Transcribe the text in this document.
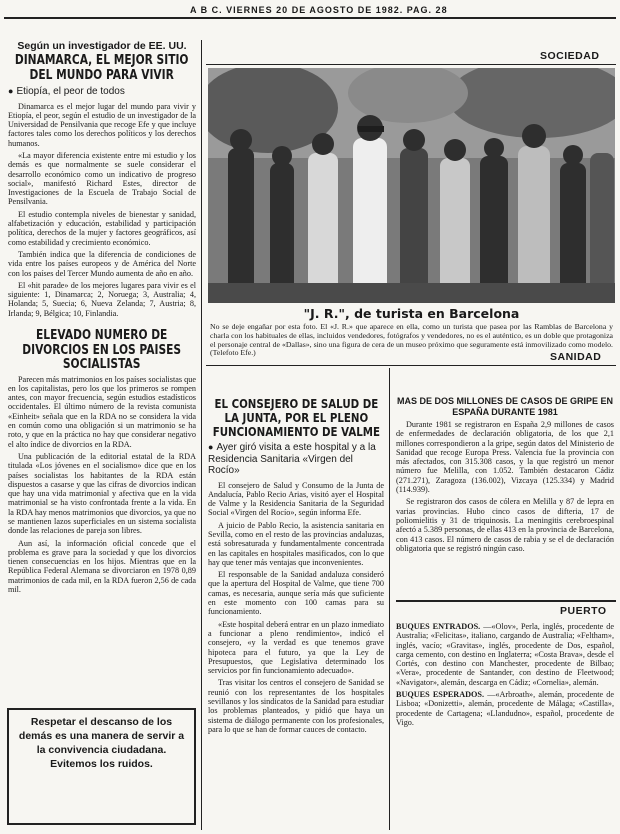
A B C. VIERNES 20 DE AGOSTO DE 1982. PAG. 28

Según un investigador de EE. UU.

DINAMARCA, EL MEJOR SITIO DEL MUNDO PARA VIVIR
● Etiopía, el peor de todos

Dinamarca es el mejor lugar del mundo para vivir y Etiopía, el peor, según el estudio de un investigador de la Universidad de Pensilvania que recoge Efe y que incluye factores tales como los derechos políticos y los derechos humanos.

«La mayor diferencia existente entre mi estudio y los demás es que normalmente se suele considerar el desarrollo económico como un indicativo de progreso social», manifestó Richard Estes, director de Investigaciones de la Escuela de Trabajo Social de Pensilvania.

El estudio contempla niveles de bienestar y sanidad, alfabetización y educación, estabilidad y participación política, derechos de la mujer y factores geográficos, así como estabilidad y crecimiento económico.

También indica que la diferencia de condiciones de vida entre los países europeos y de América del Norte con los países del Tercer Mundo aumenta de año en año.

El «hit parade» de los mejores lugares para vivir es el siguiente: 1, Dinamarca; 2, Noruega; 3, Australia; 4, Holanda; 5, Suecia; 6, Nueva Zelanda; 7, Austria; 8, Irlanda; 9, Bélgica; 10, Finlandia.

ELEVADO NUMERO DE DIVORCIOS EN LOS PAISES SOCIALISTAS

Parecen más matrimonios en los países socialistas que en los capitalistas, pero los que los primeros se rompen antes, con mayor frecuencia, según estudios estadísticos occidentales. El último número de la revista comunista «Einheit» señala que en la RDA no se considera la vida en común como una obligación si un matrimonio se ha roto, y que en la práctica no hay que considerar negativo el alto índice de divorcios en la RDA.

Una publicación de la editorial estatal de la RDA titulada «Los jóvenes en el socialismo» dice que en los países socialistas los habitantes de la RDA están dispuestos a casarse y que las cifras de divorcios indican que hay una vida matrimonial y afectiva que en la vida matrimonial se ha visto confrontada frente a la vida. En la RDA hay menos matrimonios que divorcios, ya que no se mantienen lazos superficiales en un sistema socialista donde las relaciones de pareja son libres.

Aun así, la información oficial concede que el problema es grave para la sociedad y que los divorcios tienen consecuencias en los hijos. Mientras que en la República Federal Alemana se divorciaron en 1978 0,89 matrimonios de cada mil, en la RDA fueron 2,56 de cada mil.

Respetar el descanso de los demás es una manera de servir a la convivencia ciudadana. Evitemos los ruidos.
SOCIEDAD
"J. R.", de turista en Barcelona
No se deje engañar por esta foto. El «J. R.» que aparece en ella, como un turista que pasea por las Ramblas de Barcelona y charla con los habituales de ellas, incluidos vendedores, fotógrafos y vendedores, no es el auténtico, es un doble que protagoniza el personaje central de «Dallas», sino una figura de cera de un museo próximo que seguramente está inmovilizado como modelo. (Telefoto Efe.)
EL CONSEJERO DE SALUD DE LA JUNTA, POR EL PLENO FUNCIONAMIENTO DE VALME
● Ayer giró visita a este hospital y a la Residencia Sanitaria «Virgen del Rocío»

El consejero de Salud y Consumo de la Junta de Andalucía, Pablo Recio Arias, visitó ayer el Hospital de Valme y la Residencia Sanitaria de la Seguridad Social «Virgen del Rocío», según informa Efe.

A juicio de Pablo Recio, la asistencia sanitaria en Sevilla, como en el resto de las provincias andaluzas, está sobresaturada y fundamentalmente concentrada en las capitales en hospitales masificados, con lo que hay que tener más ventajas que inconvenientes.

El responsable de la Sanidad andaluza consideró que la apertura del Hospital de Valme, que tiene 700 camas, es necesaria, aunque sería más que suficiente en este momento con 100 camas para su funcionamiento.

«Este hospital deberá entrar en un plazo inmediato a funcionar a pleno rendimiento», indicó el consejero, «y la verdad es que tenemos grave hipoteca para el futuro, ya que la Ley de Presupuestos, que Legislativa determinado los servicios por fin funcionamiento adecuado».

Tras visitar los centros el consejero de Sanidad se reunió con los representantes de los hospitales sevillanos y los sindicatos de la Sanidad para estudiar los problemas planteados, y pidió que haya un sistema de diálogo permanente con los profesionales, para lo que se han de formar cauces de contacto.

SANIDAD

MAS DE DOS MILLONES DE CASOS DE GRIPE EN ESPAÑA DURANTE 1981

Durante 1981 se registraron en España 2,9 millones de casos de enfermedades de declaración obligatoria, de los que 2,1 millones correspondieron a la gripe, según datos del Ministerio de Sanidad que recoge Europa Press. Valencia fue la provincia con más afectados, con 315.308 casos, y la que registró un menor número fue Melilla, con 1.052. También destacaron Cádiz (271.271), Zaragoza (136.002), Vizcaya (125.334) y Madrid (114.939).

Se registraron dos casos de cólera en Melilla y 87 de lepra en varias provincias. Hubo cinco casos de difteria, 17 de poliomielitis y 31 de triquinosis. La meningitis cerebroespinal afectó a 5.389 personas, de ellas 413 en la provincia de Barcelona, con 413 casos. El número de casos de rabia y se el de declaración obligatoria que se registró ningún caso.

PUERTO

BUQUES ENTRADOS. —«Olov», Perla, inglés, procedente de Australia; «Felicitas», italiano, cargando de Australia; «Feltham», inglés, vacío; «Gravitas», inglés, procedente de Dos, español, carga cemento, con destino en Inglaterra; «Costa Brava», desde el Cortés, con destino con Manchester, procedente de Bilbao; «Vera», procedente de Santander, con destino de Fleetwood; «Navigator», alemán, descarga en Cádiz; «Cornelia», alemán.

BUQUES ESPERADOS. —«Arbroath», alemán, procedente de Lisboa; «Donizetti», alemán, procedente de Málaga; «Castilla», procedente de Cartagena; «Llandudno», español, procedente de Vigo.
